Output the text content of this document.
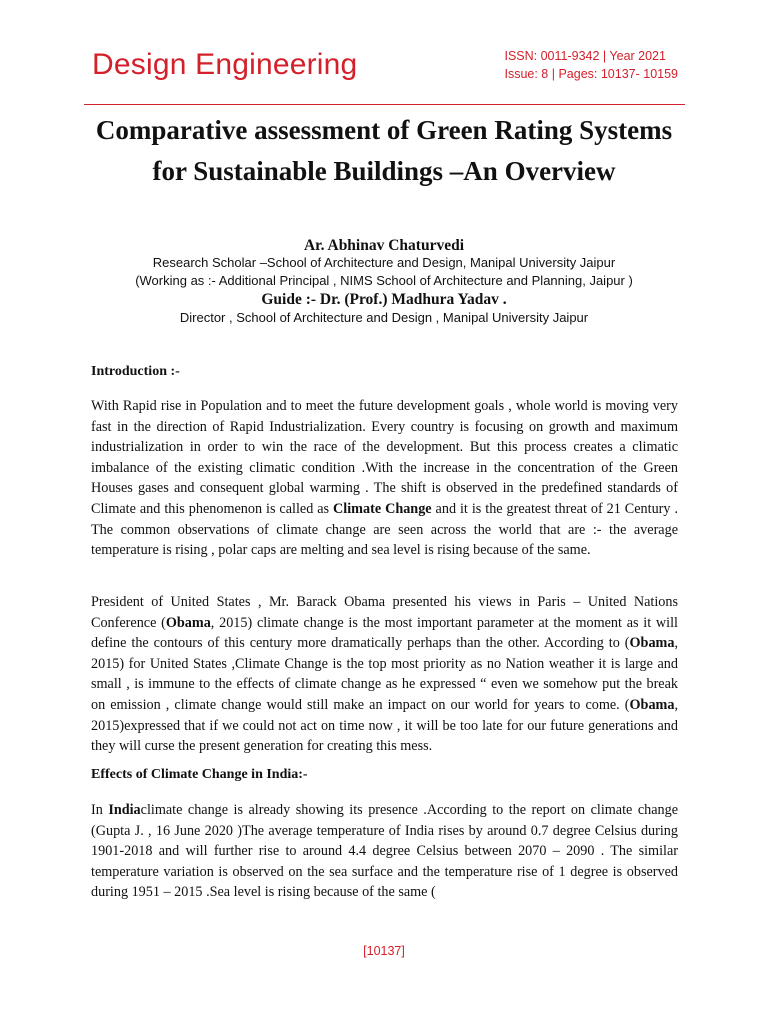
Design Engineering	ISSN: 0011-9342 | Year 2021
Issue: 8 | Pages: 10137- 10159
Comparative assessment of Green Rating Systems for Sustainable Buildings –An Overview
Ar. Abhinav Chaturvedi
Research Scholar –School of Architecture and Design, Manipal University Jaipur
(Working as :- Additional Principal , NIMS School of Architecture and Planning, Jaipur )
Guide :- Dr. (Prof.) Madhura Yadav .
Director , School of Architecture and Design , Manipal University Jaipur
Introduction :-
With Rapid rise in Population and to meet the future development goals , whole world is moving very fast in the direction of Rapid Industrialization. Every country is focusing on growth and maximum industrialization in order to win the race of the development. But this process creates a climatic imbalance of the existing climatic condition .With the increase in the concentration of the Green Houses gases and consequent global warming . The shift is observed in the predefined standards of Climate and this phenomenon is called as Climate Change and it is the greatest threat of 21 Century . The common observations of climate change are seen across the world that are :- the average temperature is rising , polar caps are melting and sea level is rising because of the same.
President of United States , Mr. Barack Obama presented his views in Paris – United Nations Conference (Obama, 2015) climate change is the most important parameter at the moment as it will define the contours of this century more dramatically perhaps than the other. According to (Obama, 2015) for United States ,Climate Change is the top most priority as no Nation weather it is large and small , is immune to the effects of climate change as he expressed “ even we somehow put the break on emission , climate change would still make an impact on our world for years to come. (Obama, 2015)expressed that if we could not act on time now , it will be too late for our future generations and they will curse the present generation for creating this mess.
Effects of Climate Change in India:-
In Indiaclimate change is already showing its presence .According to the report on climate change (Gupta J. , 16 June 2020 )The average temperature of India rises by around 0.7 degree Celsius during 1901-2018 and will further rise to around 4.4 degree Celsius between 2070 – 2090 . The similar temperature variation is observed on the sea surface and the temperature rise of 1 degree is observed during 1951 – 2015 .Sea level is rising because of the same (
[10137]
